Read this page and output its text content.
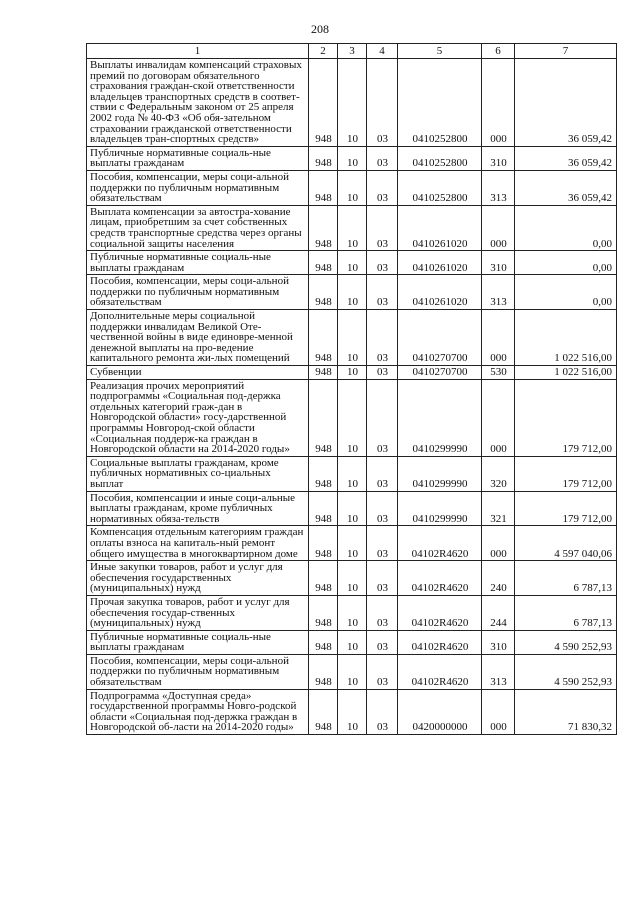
208
1	2	3	4	5	6	7
Выплаты инвалидам компенсаций страховых премий по договорам обязательного страхования граждан-ской ответственности владельцев транспортных средств в соответ-ствии с Федеральным законом от 25 апреля 2002 года № 40-ФЗ «Об обя-зательном страховании гражданской ответственности владельцев тран-спортных средств»	948	10	03	0410252800	000	36 059,42
Публичные нормативные социаль-ные выплаты гражданам	948	10	03	0410252800	310	36 059,42
Пособия, компенсации, меры соци-альной поддержки по публичным нормативным обязательствам	948	10	03	0410252800	313	36 059,42
Выплата компенсации за автостра-хование лицам, приобретшим за счет собственных средств транспортные средства через органы социальной защиты населения	948	10	03	0410261020	000	0,00
Публичные нормативные социаль-ные выплаты гражданам	948	10	03	0410261020	310	0,00
Пособия, компенсации, меры соци-альной поддержки по публичным нормативным обязательствам	948	10	03	0410261020	313	0,00
Дополнительные меры социальной поддержки инвалидам Великой Оте-чественной войны в виде единовре-менной денежной выплаты на про-ведение капитального ремонта жи-лых помещений	948	10	03	0410270700	000	1 022 516,00
Субвенции	948	10	03	0410270700	530	1 022 516,00
Реализация прочих мероприятий подпрограммы «Социальная под-держка отдельных категорий граж-дан в Новгородской области» госу-дарственной программы Новгород-ской области «Социальная поддерж-ка граждан в Новгородской области на 2014-2020 годы»	948	10	03	0410299990	000	179 712,00
Социальные выплаты гражданам, кроме публичных нормативных со-циальных выплат	948	10	03	0410299990	320	179 712,00
Пособия, компенсации и иные соци-альные выплаты гражданам, кроме публичных нормативных обяза-тельств	948	10	03	0410299990	321	179 712,00
Компенсация отдельным категориям граждан оплаты взноса на капиталь-ный ремонт общего имущества в многоквартирном доме	948	10	03	04102R4620	000	4 597 040,06
Иные закупки товаров, работ и услуг для обеспечения государственных (муниципальных) нужд	948	10	03	04102R4620	240	6 787,13
Прочая закупка товаров, работ и услуг для обеспечения государ-ственных (муниципальных) нужд	948	10	03	04102R4620	244	6 787,13
Публичные нормативные социаль-ные выплаты гражданам	948	10	03	04102R4620	310	4 590 252,93
Пособия, компенсации, меры соци-альной поддержки по публичным нормативным обязательствам	948	10	03	04102R4620	313	4 590 252,93
Подпрограмма «Доступная среда» государственной программы Новго-родской области «Социальная под-держка граждан в Новгородской об-ласти на 2014-2020 годы»	948	10	03	0420000000	000	71 830,32
